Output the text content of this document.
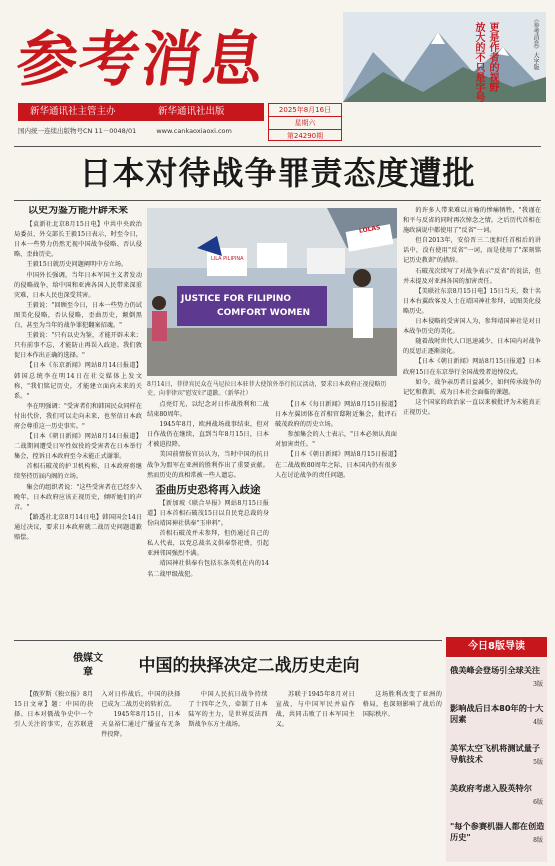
参考消息
新华通讯社主管主办	新华通讯社出版	2025年8月16日
星期六
第24290期
国内统一连续出版物号CN 11－0048/01	www.cankaoxiaoxi.com
放大的不只是字号 更是作者的视野	《参考消息》大字版
日本对待战争罪责态度遭批
以史为鉴方能开辟未来

【袁新社北京8月15日电】中共中央政治局委员、外交部长王毅15日表示，时至今日，日本一些势力仍然无视中国战争侵略、否认侵略、歪曲历史。

王毅15日就历史问题阐明中方立场。

中国外长强调，当年日本军国主义者发动的侵略战争，给中国和亚洲各国人民带来深重灾难，日本人民也深受其害。

王毅说："回顾至今日，日本一些势力仍试图美化侵略，否认侵略，歪曲历史，颠倒黑白，甚至为当年的战争罪犯翻案招魂。"

王毅说："只有以史为鉴，才能开辟未来；只有前事不忘，才能防止再误入歧途。我们敦促日本作出正确的选择。"

【日本《东京新闻》网站8月14日报道】韩国总统李在明14日在社交媒体上发文称，"我们铭记历史，才能建立面向未来的关系。"

李在明强调："受害者们和韩国民众同样在付出代价，我们可以走向未来，也坚信日本政府会尊重这一历史事实。"

【日本《朝日新闻》网站8月14日报道】二战期间遭受日军性奴役的受害者在日本举行集会，控诉日本政府至今未能正式谢罪。

首相石破茂的护卫机构称，日本政府将继续坚持历届内阁的立场。

集会的组织者说："这些受害者在已经步入晚年，日本政府应该正视历史，倾听她们的声音。"

【路透社北京8月14日电】韩国国会14日通过决议，要求日本政府就二战历史问题道歉赔偿。

JUSTICE FOR FILIPINO
COMFORT WOMEN
LILA PILIPINA
LOLAS
8月14日，菲律宾民众在马尼拉日本驻菲大使馆外举行抗议活动，要求日本政府正视侵略历史、向菲律宾"慰安妇"道歉。（新华社）

点亮灯光，以纪念对日作战胜利和二战结束80周年。

1945年8月，欧洲战场战事结束，但对日作战仍在继续，直到当年8月15日，日本才被迫投降。

美国前情报官员认为，当时中国的抗日战争为盟军在亚洲的胜利作出了重要贡献。然而历史的真相常被一些人遗忘。

歪曲历史恐将再入歧途

【新加坡《联合早报》网站8月15日报道】日本首相石破茂15日以自民党总裁的身份向靖国神社供奉"玉串料"。

首相石破茂并未参拜，但仍通过自己的私人代表，以党总裁名义供奉祭祀费，引起亚洲邻国强烈不满。

靖国神社供奉有包括东条英机在内的14名二战甲级战犯。

【日本《每日新闻》网站8月15日报道】日本左翼团体在首相官邸附近集会，批评石破茂政府的历史立场。

参加集会的人士表示，"日本必须认真面对加害责任。"

【日本《朝日新闻》网站8月15日报道】在二战战败80周年之际，日本国内仍有很多人在讨论战争的责任问题。

的许多人带来难以言喻的惨痛牺牲，"我谨在和平与反省的同时再次悼念之情。之后历代首相在施政演说中都使用了"反省"一词。

但自2013年，安倍晋三二度担任首相后的讲话中，没有使用"反省"一词，而是使用了"深刻铭记历史教训"的措辞。

石破茂次续写了对战争表示"反省"的说法，但并未提及对亚洲各国的加害责任。

【美联社东京8月15日电】15日当天，数十名日本右翼政客及人士在靖国神社参拜，试图美化侵略历史。

日本侵略的受害国人为，参拜靖国神社是对日本战争历史的美化。

随着战时世代人口迅速减少，日本国内对战争的反思正逐渐淡化。

【日本《朝日新闻》网站8月15日报道】日本政府15日在东京举行全国战殁者追悼仪式。

如今，战争亲历者日益减少，如何传承战争的记忆和教训，成为日本社会面临的课题。

这个国家的政治家一直以来被批评为未能真正正视历史。

俄媒文章	中国的抉择决定二战历史走向

【俄罗斯《独立报》8月15日文章】题：中国的抉择。日本对俄战争史中一个引人关注的事实，在苏联进入对日作战后，中国的抉择已成为二战历史的转折点。

1945年8月15日，日本天皇裕仁通过广播宣布无条件投降。

中国人民抗日战争持续了十四年之久，牵制了日本陆军的主力，是世界反法西斯战争东方主战场。

苏联于1945年8月对日宣战，与中国军民并肩作战，共同击败了日本军国主义。

这场胜利改变了亚洲的格局，也深刻影响了战后的国际秩序。

今日8版导读
俄美峰会登场引全球关注
3版
影响战后日本80年的十大因素	4版
美军太空飞机将测试量子导航技术	5版
美政府考虑入股英特尔
6版
"每个参赛机器人都在创造历史"	8版
